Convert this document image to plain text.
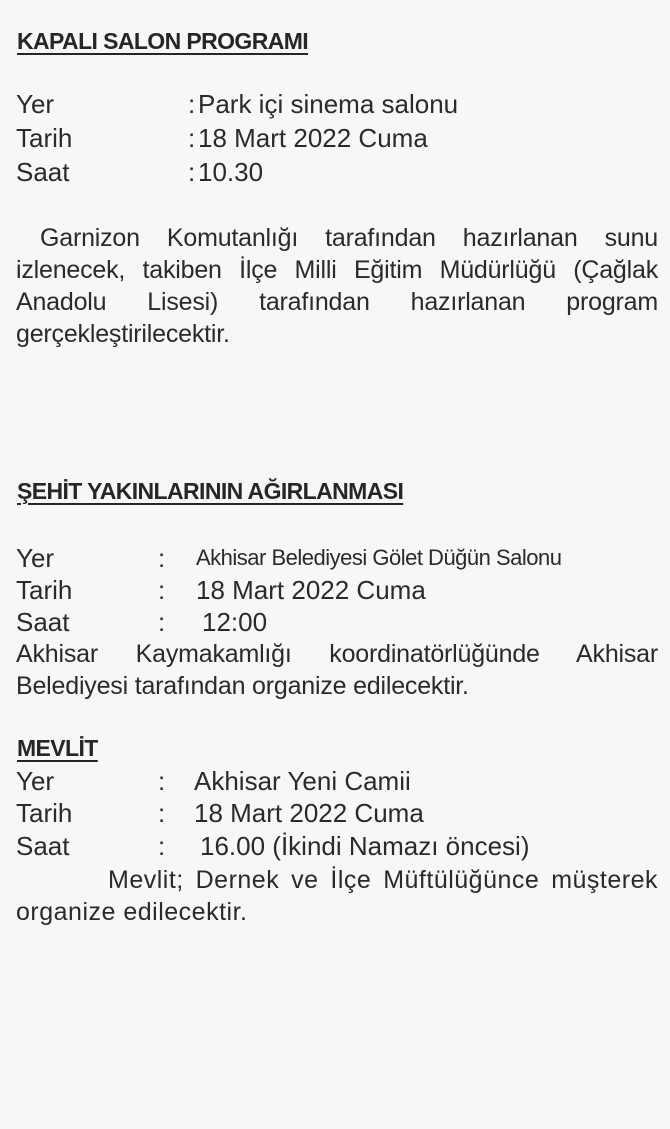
KAPALI SALON PROGRAMI
Yer	: Park içi sinema salonu
Tarih	: 18 Mart 2022 Cuma
Saat	: 10.30
Garnizon Komutanlığı tarafından hazırlanan sunu izlenecek, takiben İlçe Milli Eğitim Müdürlüğü (Çağlak Anadolu Lisesi) tarafından hazırlanan program gerçekleştirilecektir.
ŞEHİT YAKINLARININ AĞIRLANMASI
Yer	: Akhisar Belediyesi Gölet Düğün Salonu
Tarih	: 18 Mart 2022 Cuma
Saat	: 12:00
Akhisar Kaymakamlığı koordinatörlüğünde Akhisar Belediyesi tarafından organize edilecektir.
MEVLİT
Yer	: Akhisar Yeni Camii
Tarih	: 18 Mart 2022 Cuma
Saat	: 16.00 (İkindi Namazı öncesi)
Mevlit; Dernek ve İlçe Müftülüğünce müşterek organize edilecektir.
